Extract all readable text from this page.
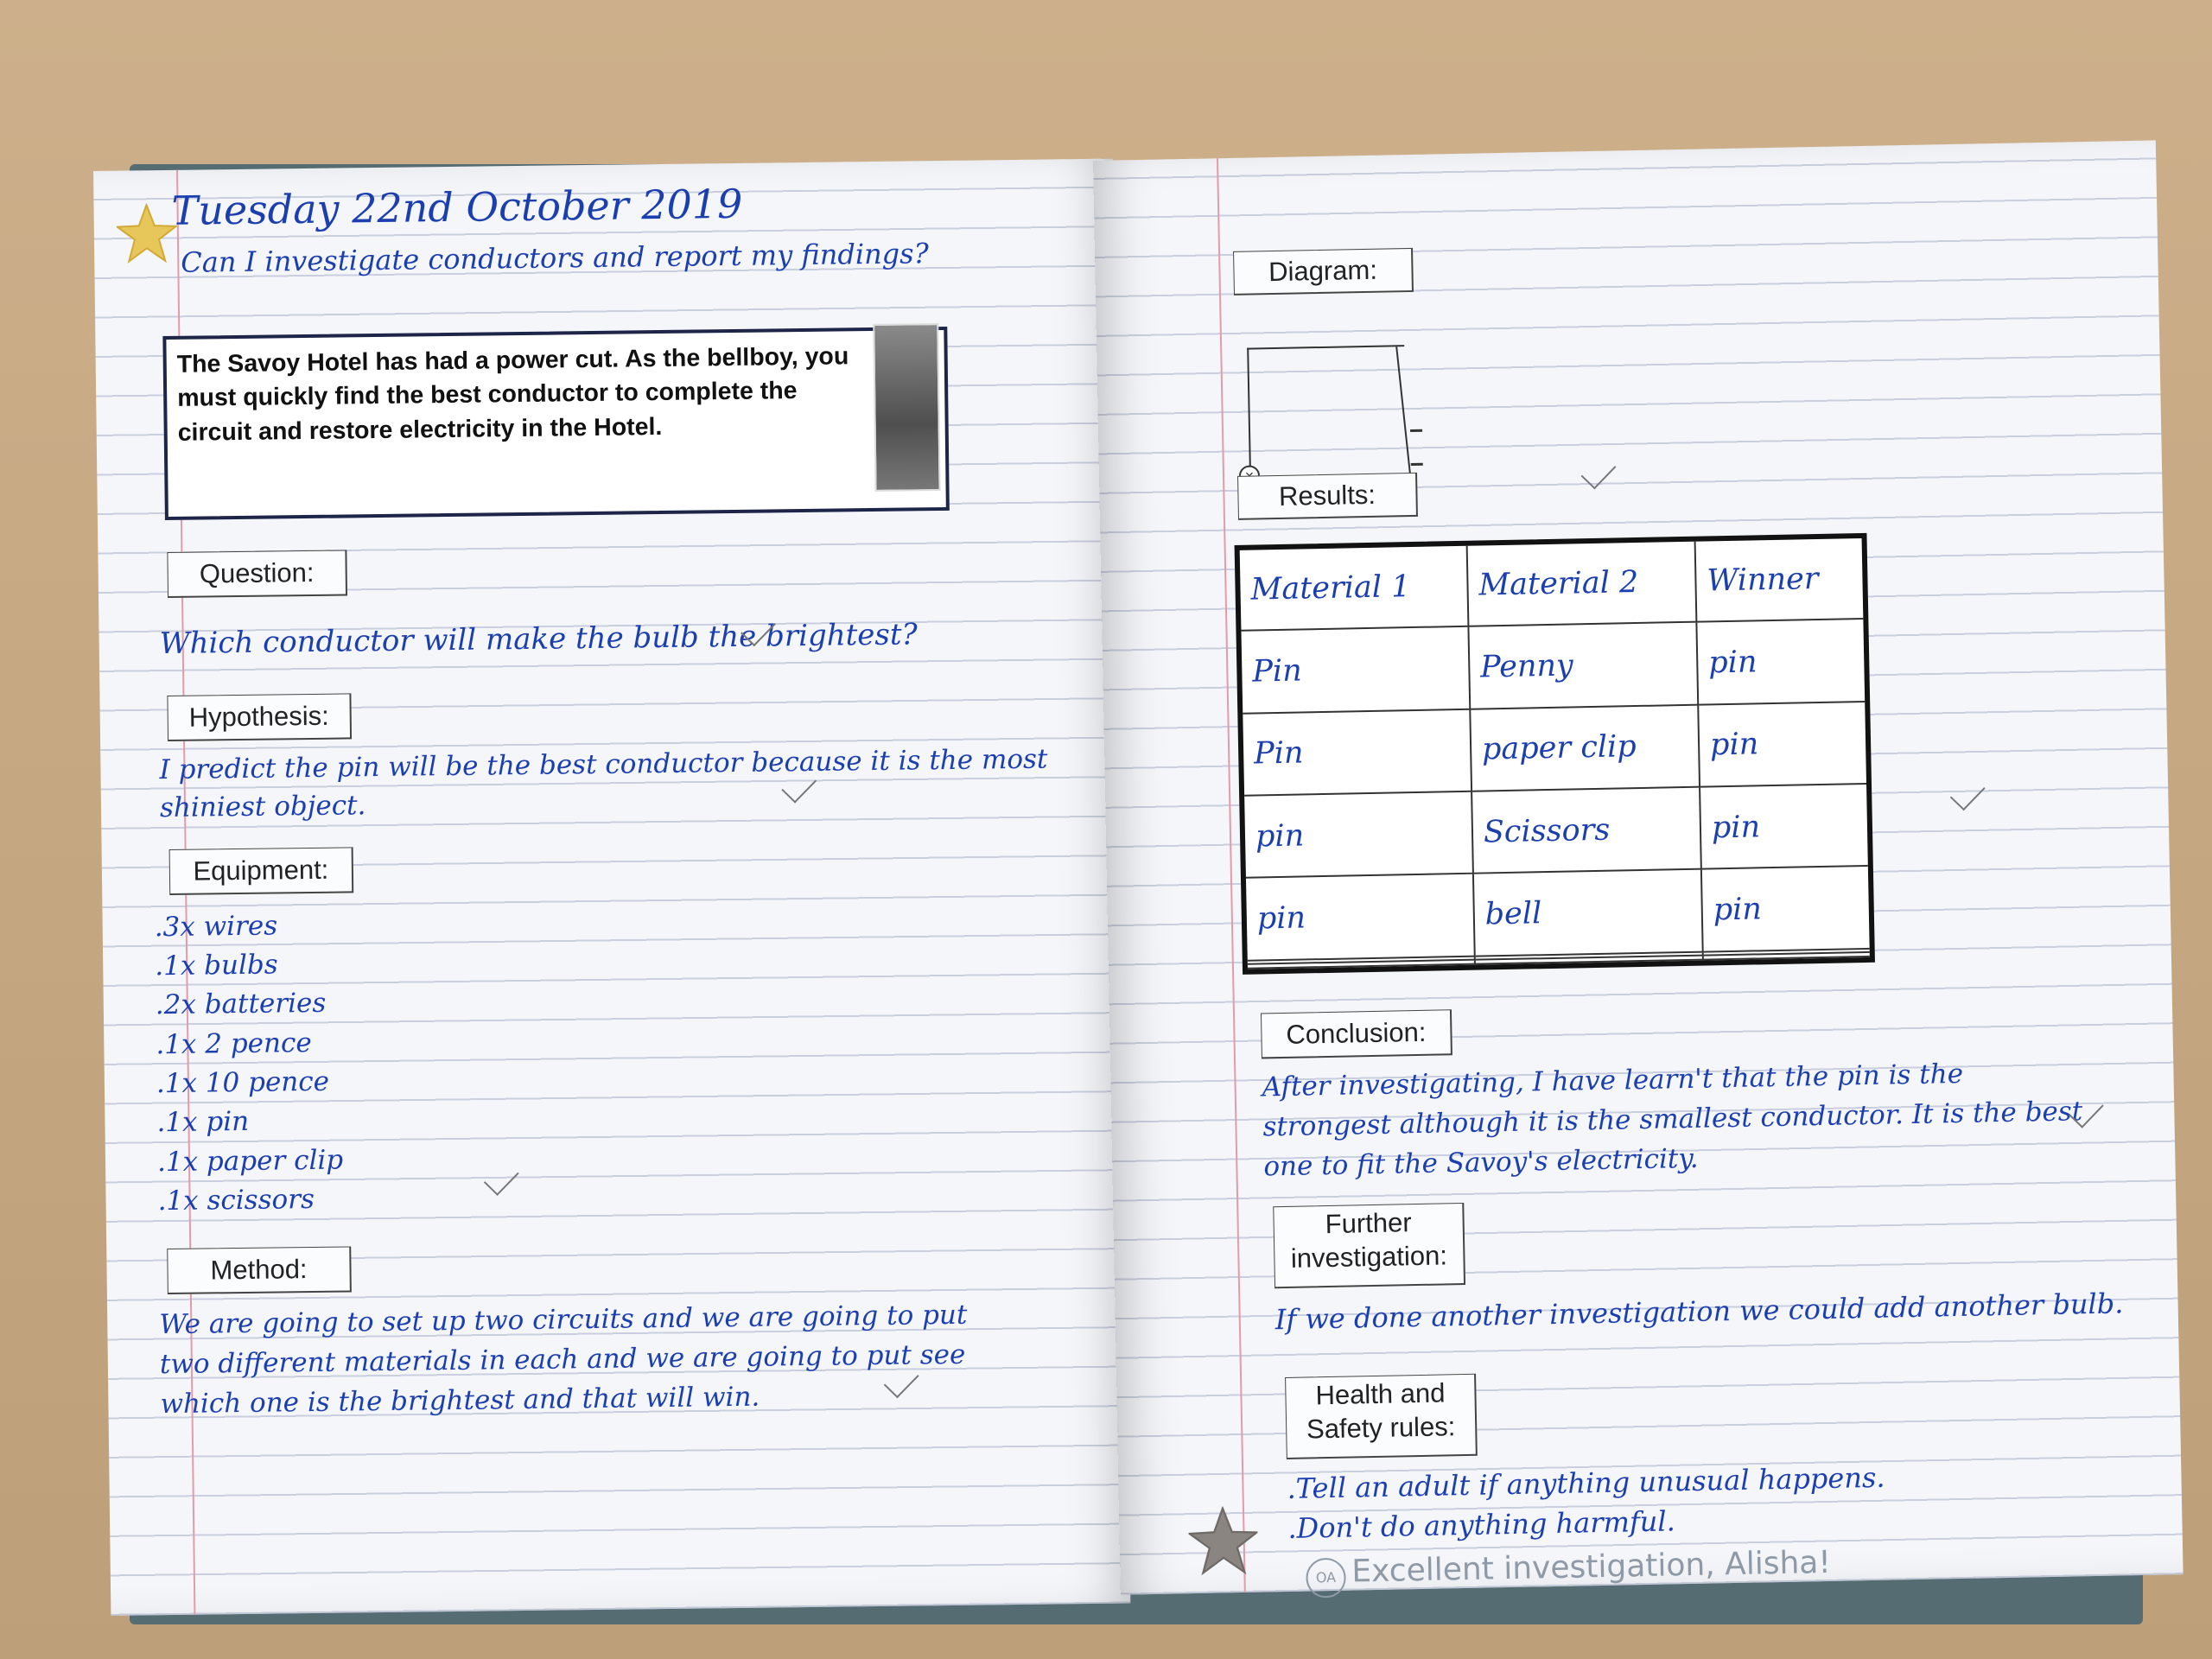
Tuesday 22nd October 2019
Can I investigate conductors and report my findings?

The Savoy Hotel has had a power cut. As the bellboy, you must quickly find the best conductor to complete the circuit and restore electricity in the Hotel.

Question:
Which conductor will make the bulb the brightest?
Hypothesis:
I predict the pin will be the best conductor because it is the most
shiniest object.
Equipment:
.3x wires
.1x bulbs
.2x batteries
.1x 2 pence
.1x 10 pence
.1x pin
.1x paper clip
.1x scissors
Method:
We are going to set up two circuits and we are going to put
two different materials in each and we are going to put see
which one is the brightest and that will win.
Diagram:
Results:
Material 1	Material 2	Winner
Pin	Penny	pin
Pin	paper clip	pin
pin	Scissors	pin
pin	bell	pin

Conclusion:
After investigating, I have learn't that the pin is the
strongest although it is the smallest conductor. It is the best
one to fit the Savoy's electricity.
Further
investigation:
If we done another investigation we could add another bulb.
Health and
Safety rules:
.Tell an adult if anything unusual happens.
.Don't do anything harmful.
OA Excellent investigation, Alisha!
